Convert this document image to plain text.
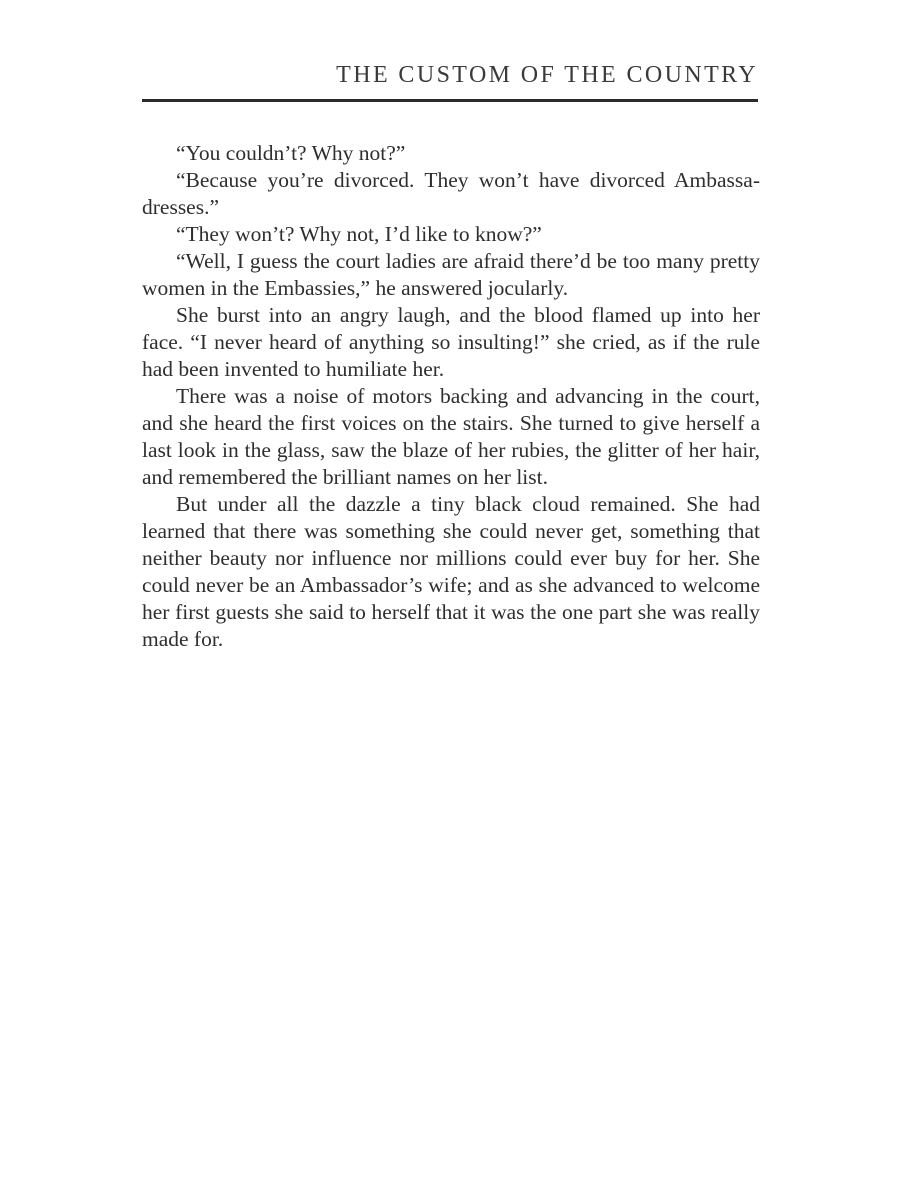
THE CUSTOM OF THE COUNTRY

“You couldn’t? Why not?”

“Because you’re divorced. They won’t have divorced Ambassadresses.”

“They won’t? Why not, I’d like to know?”

“Well, I guess the court ladies are afraid there’d be too many pretty women in the Embassies,” he answered jocularly.

She burst into an angry laugh, and the blood flamed up into her face. “I never heard of anything so insulting!” she cried, as if the rule had been invented to humiliate her.

There was a noise of motors backing and advancing in the court, and she heard the first voices on the stairs. She turned to give herself a last look in the glass, saw the blaze of her rubies, the glitter of her hair, and remembered the brilliant names on her list.

But under all the dazzle a tiny black cloud remained. She had learned that there was something she could never get, something that neither beauty nor influence nor millions could ever buy for her. She could never be an Ambassador’s wife; and as she advanced to welcome her first guests she said to herself that it was the one part she was really made for.
